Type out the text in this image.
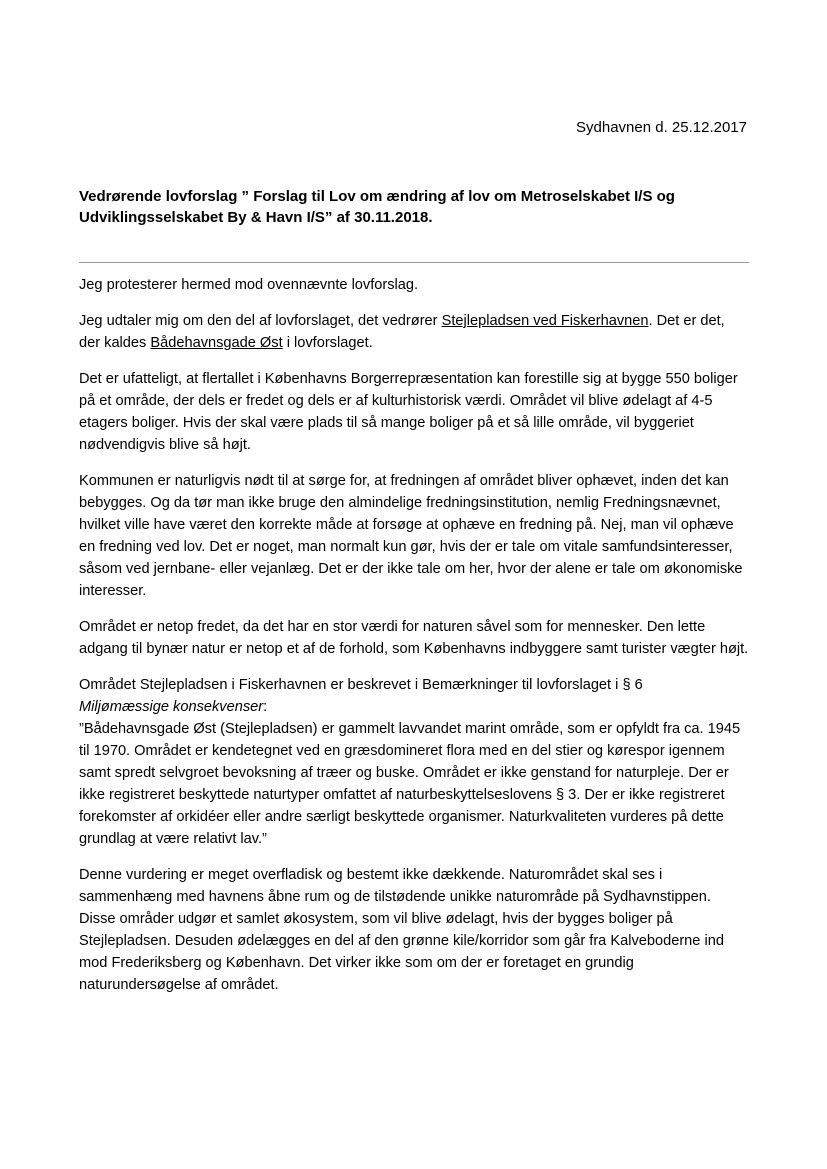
Sydhavnen d. 25.12.2017
Vedrørende lovforslag ” Forslag til Lov om ændring af lov om Metroselskabet I/S og Udviklingsselskabet By & Havn I/S” af 30.11.2018.

Jeg protesterer hermed mod ovennævnte lovforslag.

Jeg udtaler mig om den del af lovforslaget, det vedrører Stejlepladsen ved Fiskerhavnen. Det er det, der kaldes Bådehavnsgade Øst i lovforslaget.

Det er ufatteligt, at flertallet i Københavns Borgerrepræsentation kan forestille sig at bygge 550 boliger på et område, der dels er fredet og dels er af kulturhistorisk værdi. Området vil blive ødelagt af 4-5 etagers boliger. Hvis der skal være plads til så mange boliger på et så lille område, vil byggeriet nødvendigvis blive så højt.

Kommunen er naturligvis nødt til at sørge for, at fredningen af området bliver ophævet, inden det kan bebygges. Og da tør man ikke bruge den almindelige fredningsinstitution, nemlig Fredningsnævnet, hvilket ville have været den korrekte måde at forsøge at ophæve en fredning på. Nej, man vil ophæve en fredning ved lov. Det er noget, man normalt kun gør, hvis der er tale om vitale samfundsinteresser, såsom ved jernbane- eller vejanlæg. Det er der ikke tale om her, hvor der alene er tale om økonomiske interesser.

Området er netop fredet, da det har en stor værdi for naturen såvel som for mennesker. Den lette adgang til bynær natur er netop et af de forhold, som Københavns indbyggere samt turister vægter højt.

Området Stejlepladsen i Fiskerhavnen er beskrevet i Bemærkninger til lovforslaget i § 6
Miljømæssige konsekvenser:
”Bådehavnsgade Øst (Stejlepladsen) er gammelt lavvandet marint område, som er opfyldt fra ca. 1945 til 1970. Området er kendetegnet ved en græsdomineret flora med en del stier og kørespor igennem samt spredt selvgroet bevoksning af træer og buske. Området er ikke genstand for naturpleje. Der er ikke registreret beskyttede naturtyper omfattet af naturbeskyttelseslovens § 3. Der er ikke registreret forekomster af orkidéer eller andre særligt beskyttede organismer. Naturkvaliteten vurderes på dette grundlag at være relativt lav.”

Denne vurdering er meget overfladisk og bestemt ikke dækkende. Naturområdet skal ses i sammenhæng med havnens åbne rum og de tilstødende unikke naturområde på Sydhavnstippen. Disse områder udgør et samlet økosystem, som vil blive ødelagt, hvis der bygges boliger på Stejlepladsen. Desuden ødelægges en del af den grønne kile/korridor som går fra Kalveboderne ind mod Frederiksberg og København. Det virker ikke som om der er foretaget en grundig naturundersøgelse af området.
